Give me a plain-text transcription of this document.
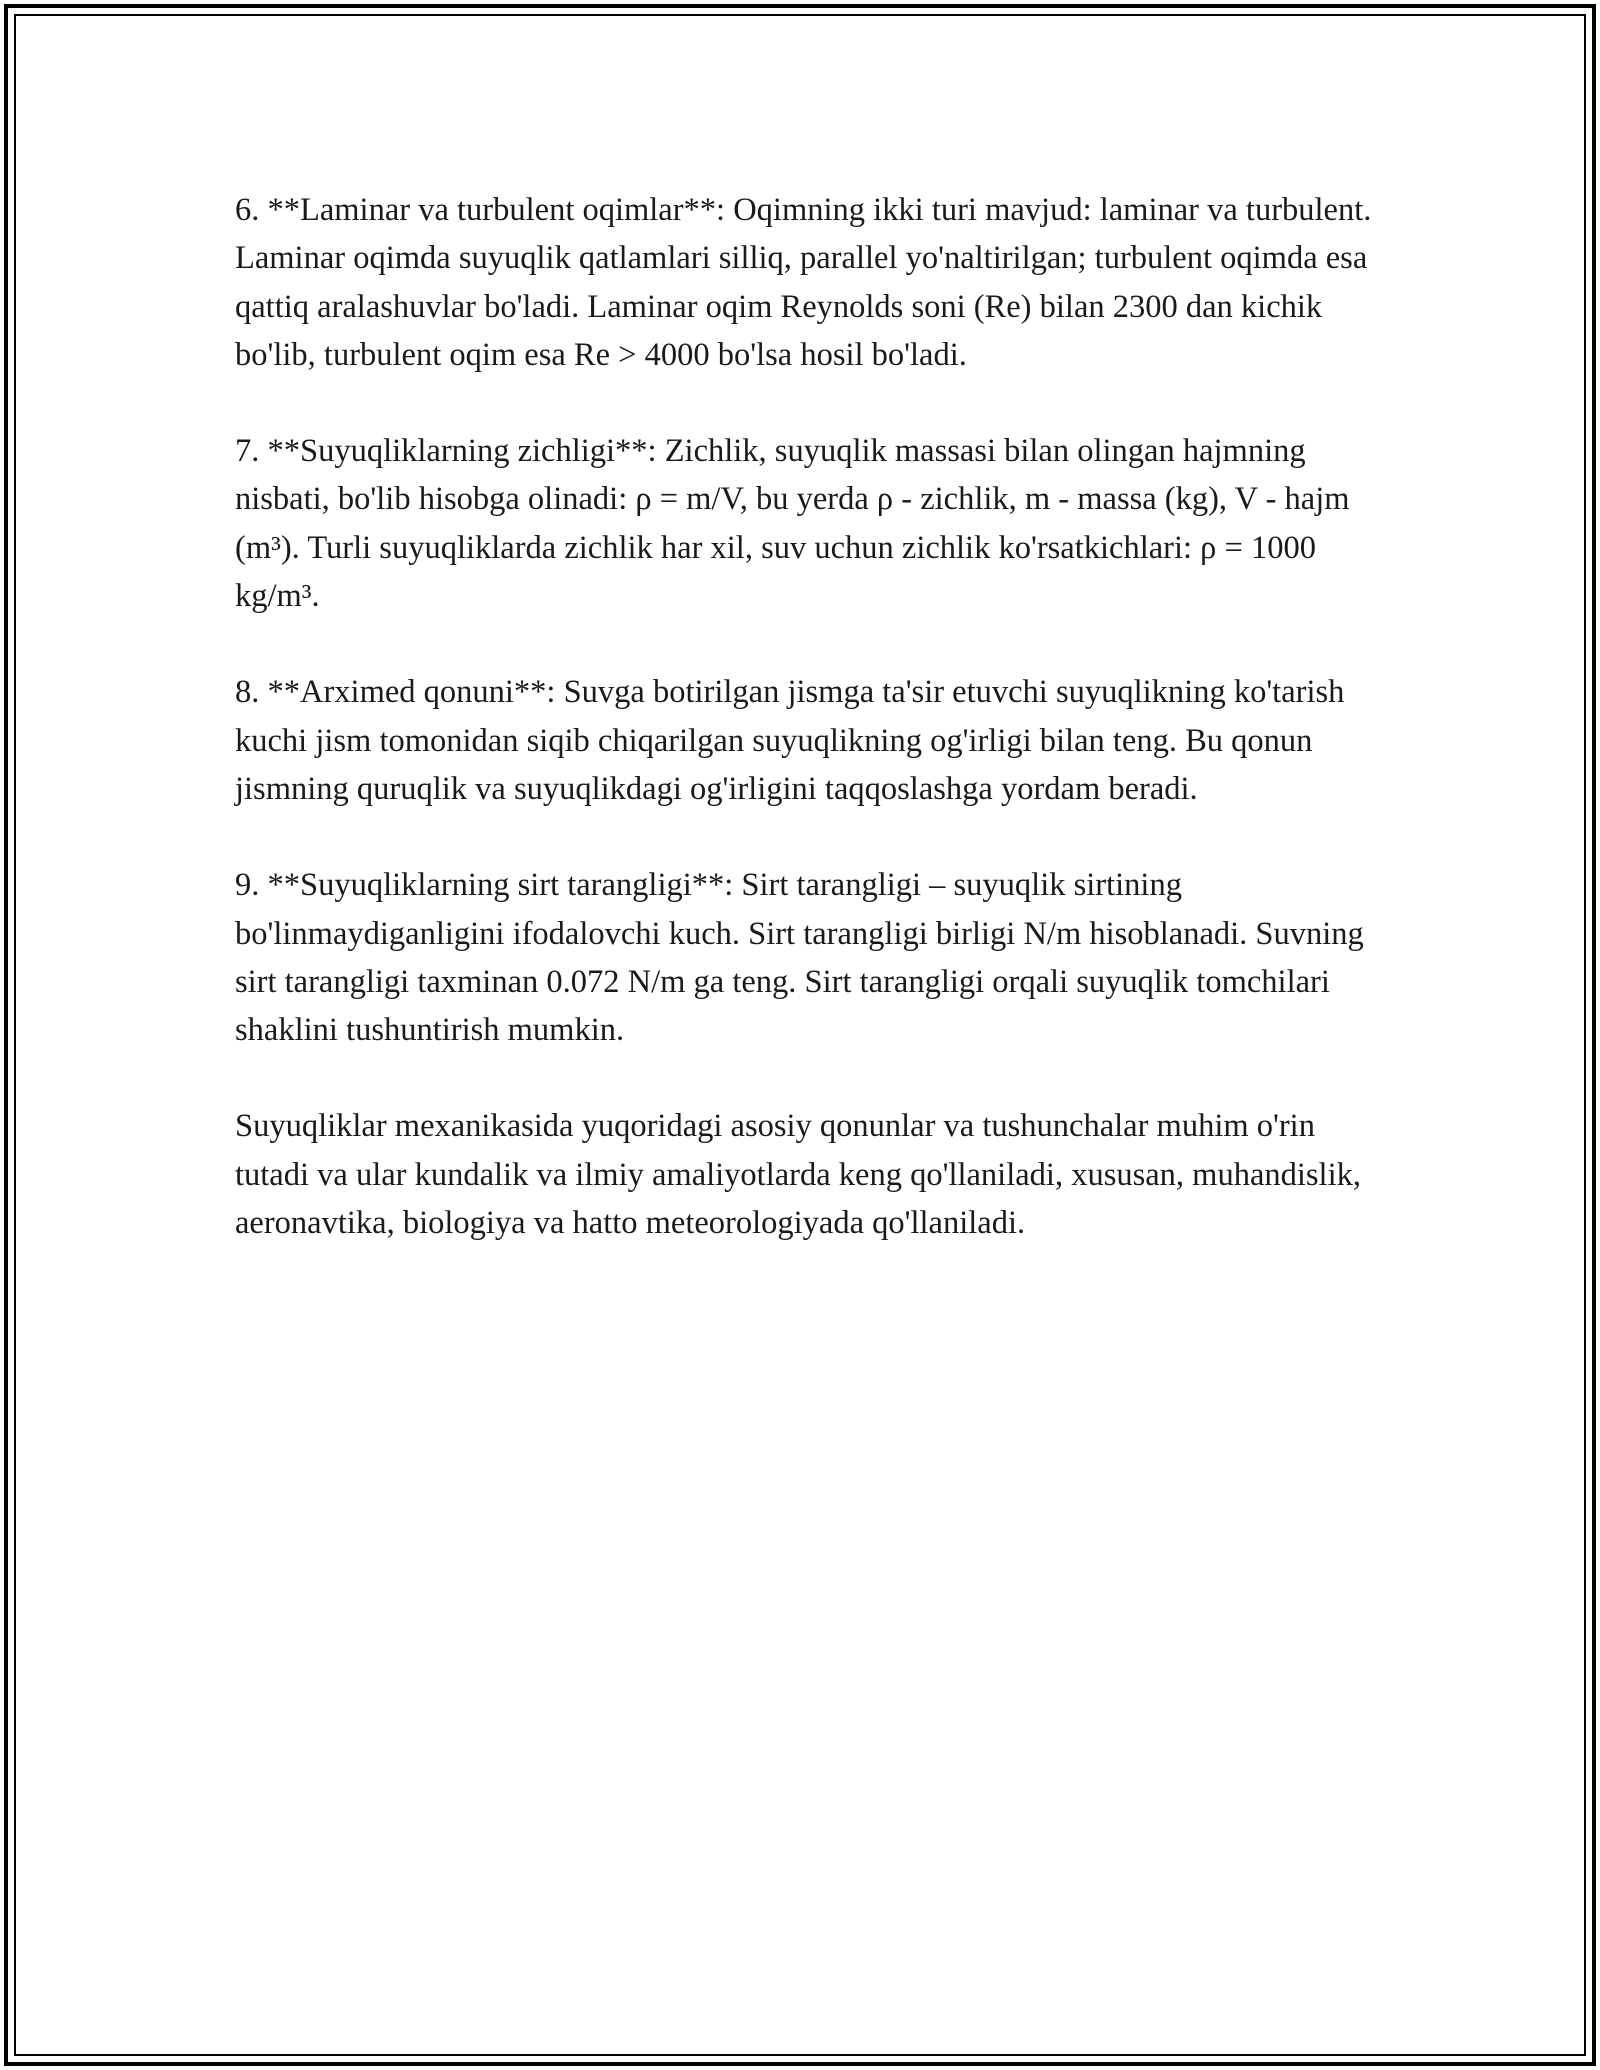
6. **Laminar va turbulent oqimlar**: Oqimning ikki turi mavjud: laminar va turbulent. Laminar oqimda suyuqlik qatlamlari silliq, parallel yo'naltirilgan; turbulent oqimda esa qattiq aralashuvlar bo'ladi. Laminar oqim Reynolds soni (Re) bilan 2300 dan kichik bo'lib, turbulent oqim esa Re > 4000 bo'lsa hosil bo'ladi.

7. **Suyuqliklarning zichligi**: Zichlik, suyuqlik massasi bilan olingan hajmning nisbati, bo'lib hisobga olinadi: ρ = m/V, bu yerda ρ - zichlik, m - massa (kg), V - hajm (m³). Turli suyuqliklarda zichlik har xil, suv uchun zichlik ko'rsatkichlari: ρ = 1000 kg/m³.

8. **Arximed qonuni**: Suvga botirilgan jismga ta'sir etuvchi suyuqlikning ko'tarish kuchi jism tomonidan siqib chiqarilgan suyuqlikning og'irligi bilan teng. Bu qonun jismning quruqlik va suyuqlikdagi og'irligini taqqoslashga yordam beradi.

9. **Suyuqliklarning sirt tarangligi**: Sirt tarangligi – suyuqlik sirtining bo'linmaydiganligini ifodalovchi kuch. Sirt tarangligi birligi N/m hisoblanadi. Suvning sirt tarangligi taxminan 0.072 N/m ga teng. Sirt tarangligi orqali suyuqlik tomchilari shaklini tushuntirish mumkin.

Suyuqliklar mexanikasida yuqoridagi asosiy qonunlar va tushunchalar muhim o'rin tutadi va ular kundalik va ilmiy amaliyotlarda keng qo'llaniladi, xususan, muhandislik, aeronavtika, biologiya va hatto meteorologiyada qo'llaniladi.
